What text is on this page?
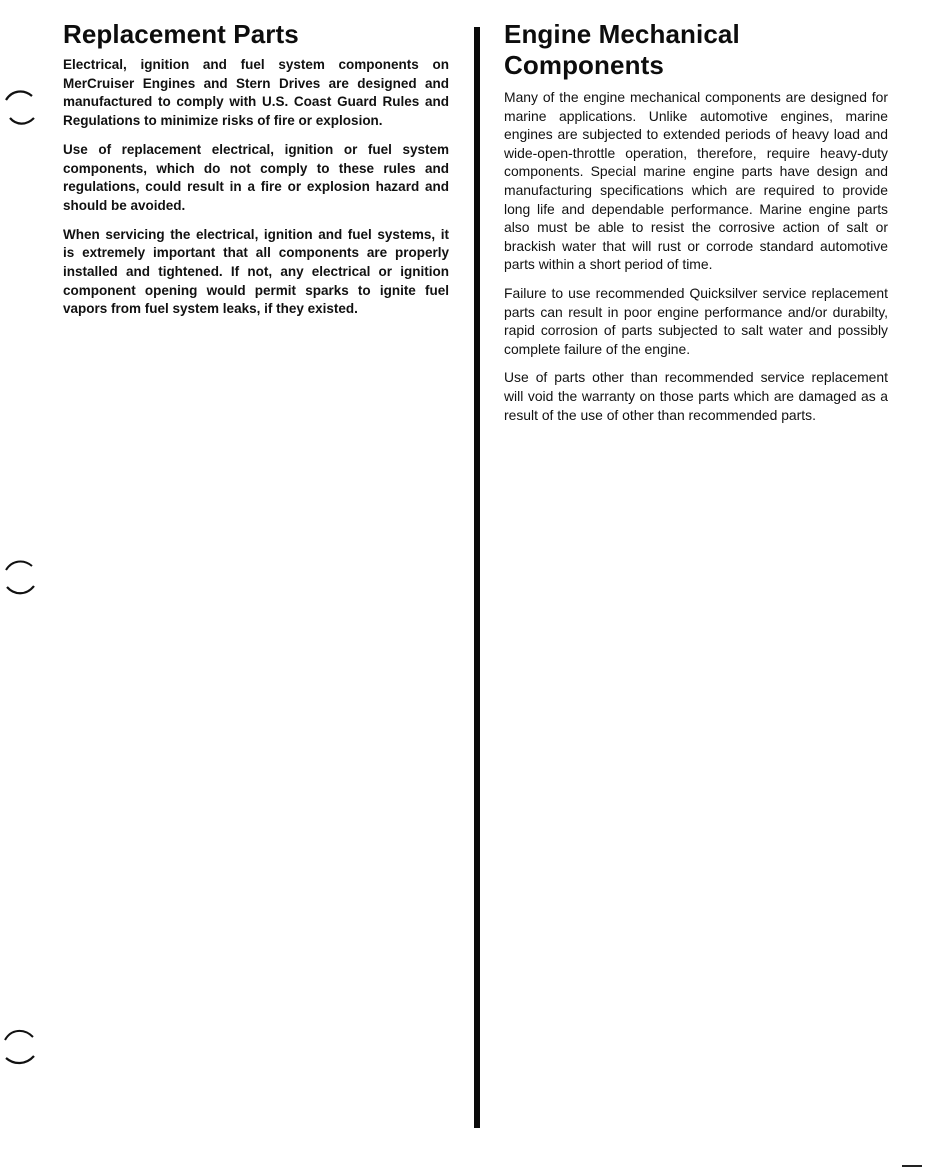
Replacement Parts

Electrical, ignition and fuel system components on MerCruiser Engines and Stern Drives are designed and manufactured to comply with U.S. Coast Guard Rules and Regulations to minimize risks of fire or explosion.

Use of replacement electrical, ignition or fuel system components, which do not comply to these rules and regulations, could result in a fire or explosion hazard and should be avoided.

When servicing the electrical, ignition and fuel systems, it is extremely important that all components are properly installed and tightened. If not, any electrical or ignition component opening would permit sparks to ignite fuel vapors from fuel system leaks, if they existed.

Engine Mechanical Components

Many of the engine mechanical components are designed for marine applications. Unlike automotive engines, marine engines are subjected to extended periods of heavy load and wide-open-throttle operation, therefore, require heavy-duty components. Special marine engine parts have design and manufacturing specifications which are required to provide long life and dependable performance. Marine engine parts also must be able to resist the corrosive action of salt or brackish water that will rust or corrode standard automotive parts within a short period of time.

Failure to use recommended Quicksilver service replacement parts can result in poor engine performance and/or durabilty, rapid corrosion of parts subjected to salt water and possibly complete failure of the engine.

Use of parts other than recommended service replacement will void the warranty on those parts which are damaged as a result of the use of other than recommended parts.
